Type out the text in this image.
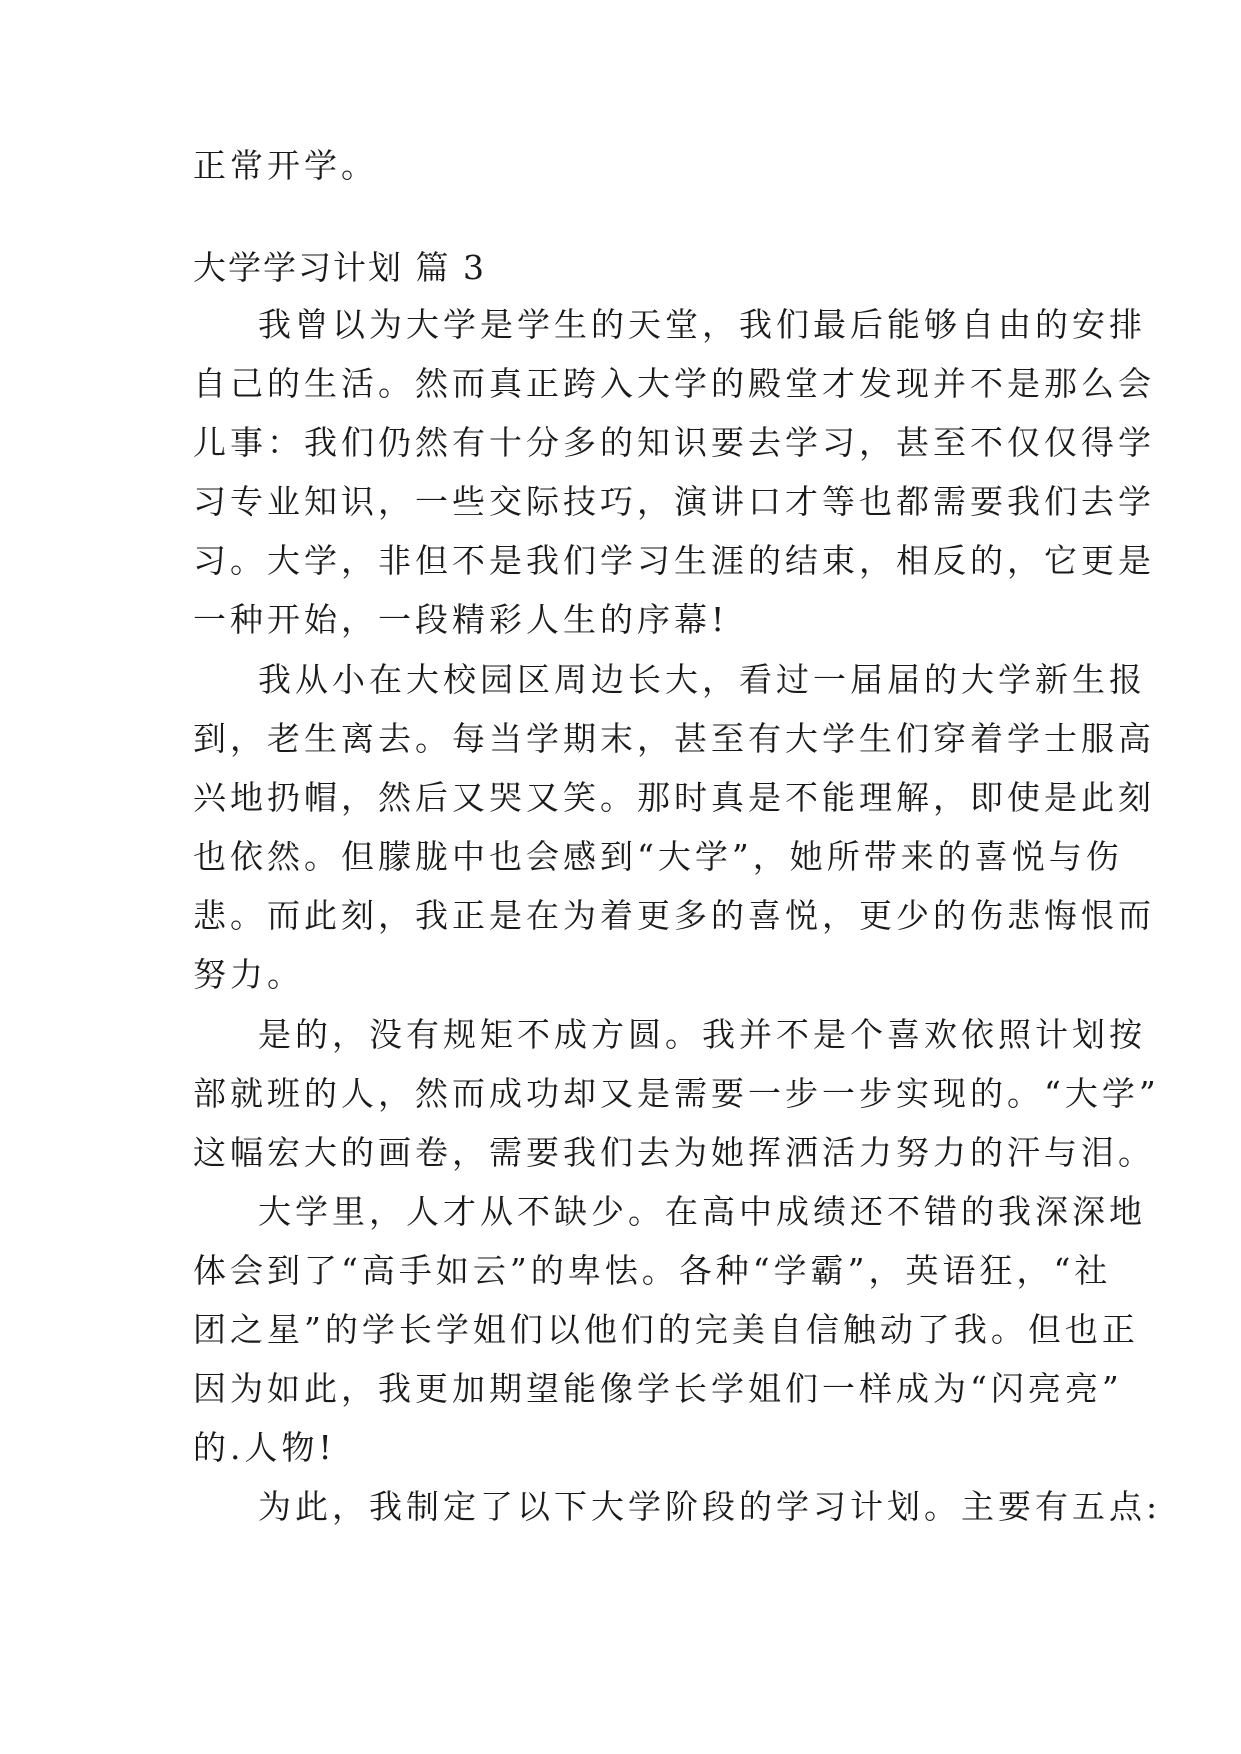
正常开学。
大学学习计划 篇 3
我曾以为大学是学生的天堂，我们最后能够自由的安排
自己的生活。然而真正跨入大学的殿堂才发现并不是那么会
儿事：我们仍然有十分多的知识要去学习，甚至不仅仅得学
习专业知识，一些交际技巧，演讲口才等也都需要我们去学
习。大学，非但不是我们学习生涯的结束，相反的，它更是
一种开始，一段精彩人生的序幕!
我从小在大校园区周边长大，看过一届届的大学新生报
到，老生离去。每当学期末，甚至有大学生们穿着学士服高
兴地扔帽，然后又哭又笑。那时真是不能理解，即使是此刻
也依然。但朦胧中也会感到“大学”，她所带来的喜悦与伤
悲。而此刻，我正是在为着更多的喜悦，更少的伤悲悔恨而
努力。
是的，没有规矩不成方圆。我并不是个喜欢依照计划按
部就班的人，然而成功却又是需要一步一步实现的。“大学”
这幅宏大的画卷，需要我们去为她挥洒活力努力的汗与泪。
大学里，人才从不缺少。在高中成绩还不错的我深深地
体会到了“高手如云”的卑怯。各种“学霸”，英语狂，“社
团之星”的学长学姐们以他们的完美自信触动了我。但也正
因为如此，我更加期望能像学长学姐们一样成为“闪亮亮”
的.人物!
为此，我制定了以下大学阶段的学习计划。主要有五点:
